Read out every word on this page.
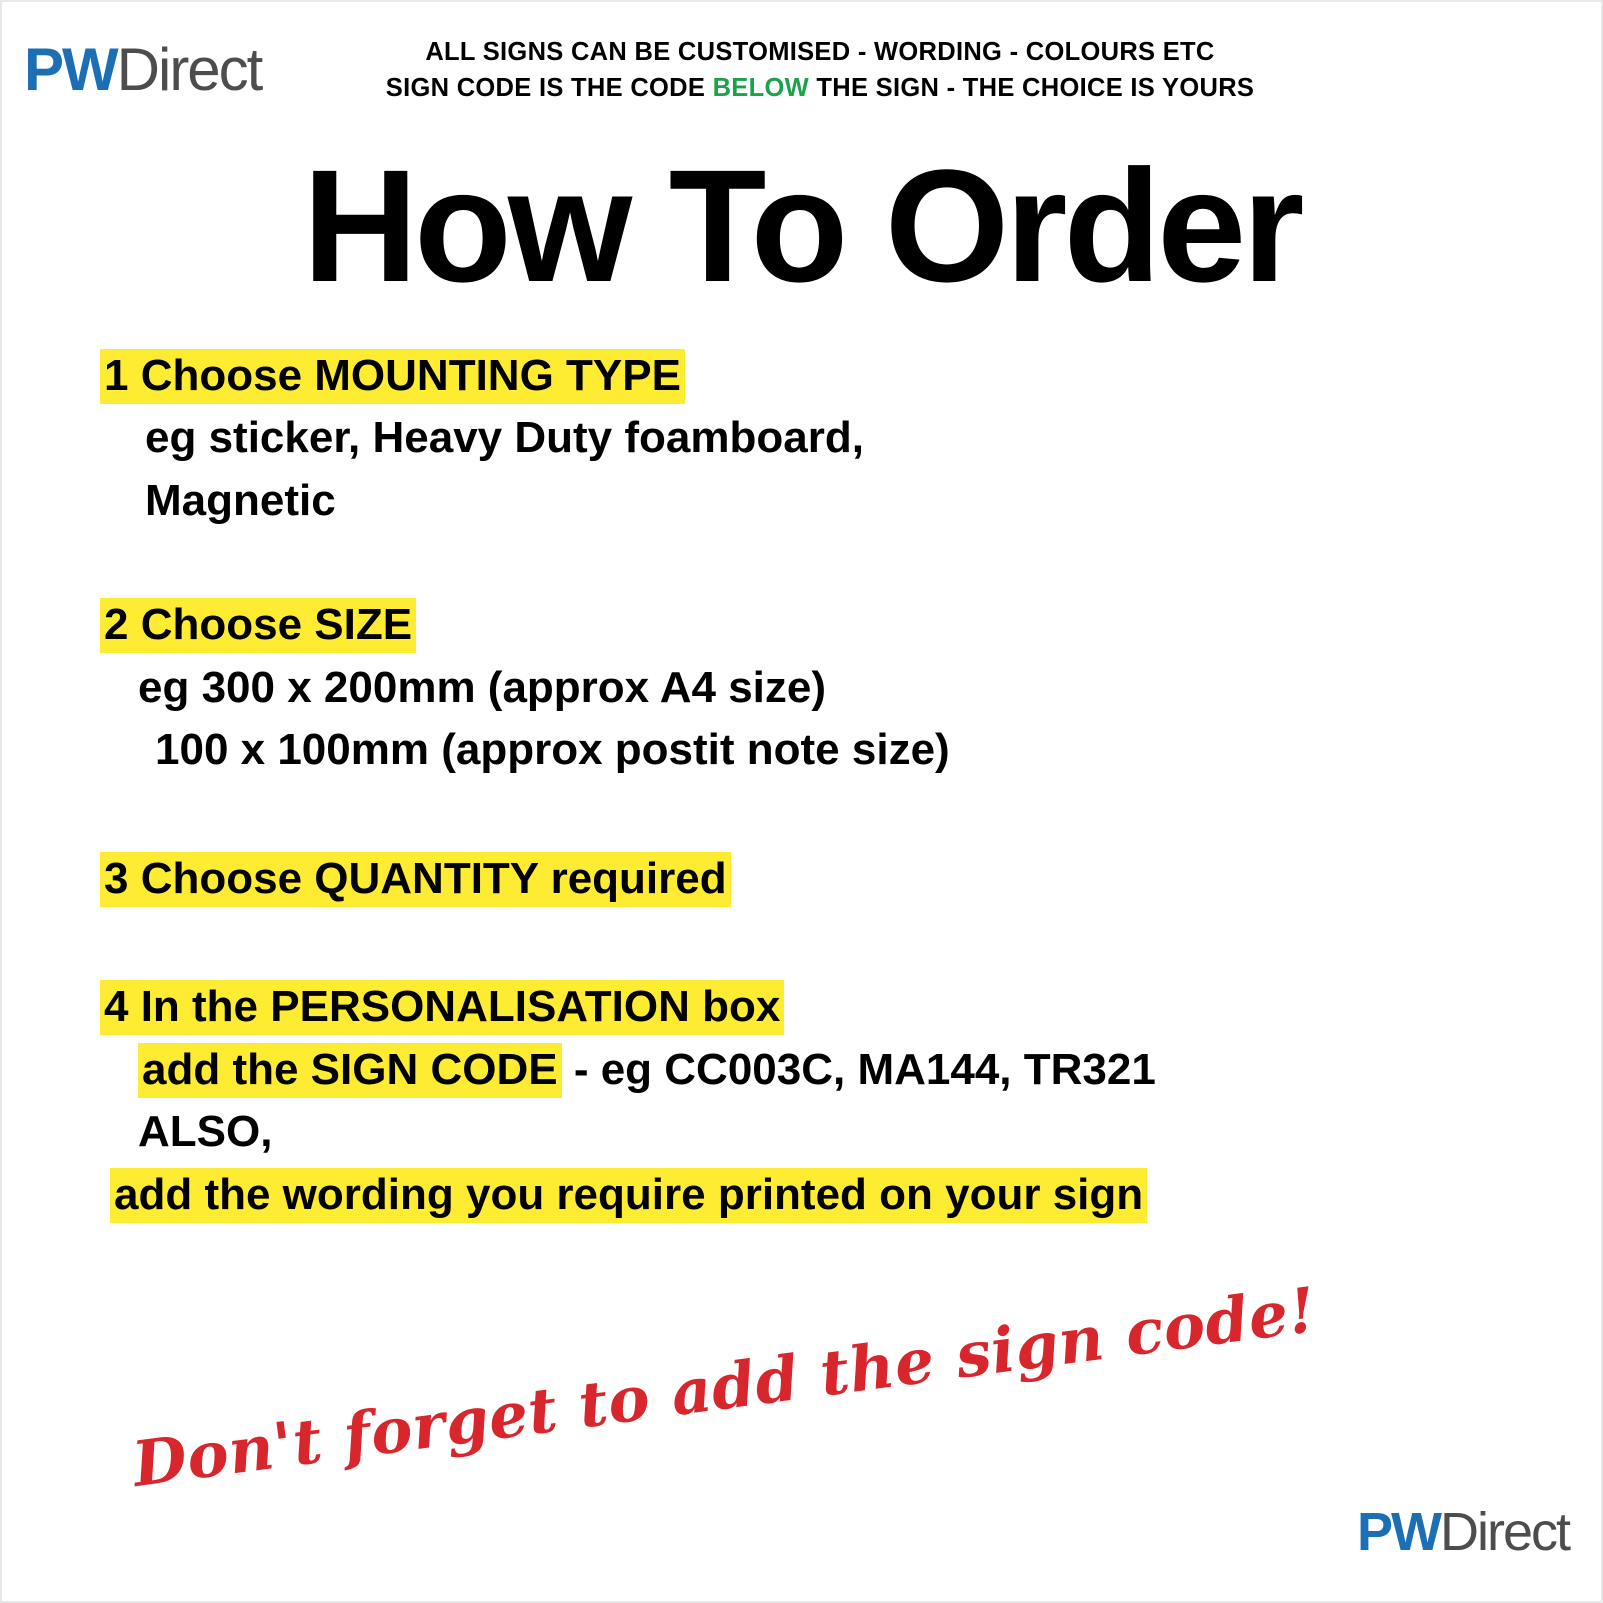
PWDirect	ALL SIGNS CAN BE CUSTOMISED - WORDING - COLOURS ETC
SIGN CODE IS THE CODE BELOW THE SIGN - THE CHOICE IS YOURS
How To Order
1 Choose MOUNTING TYPE
eg sticker, Heavy Duty foamboard,
Magnetic
2 Choose SIZE
eg 300 x 200mm (approx A4 size)
100 x 100mm (approx postit note size)
3 Choose QUANTITY required
4 In the PERSONALISATION box
add the SIGN CODE - eg CC003C, MA144, TR321
ALSO,
add the wording you require printed on your sign
Don't forget to add the sign code!
PWDirect
